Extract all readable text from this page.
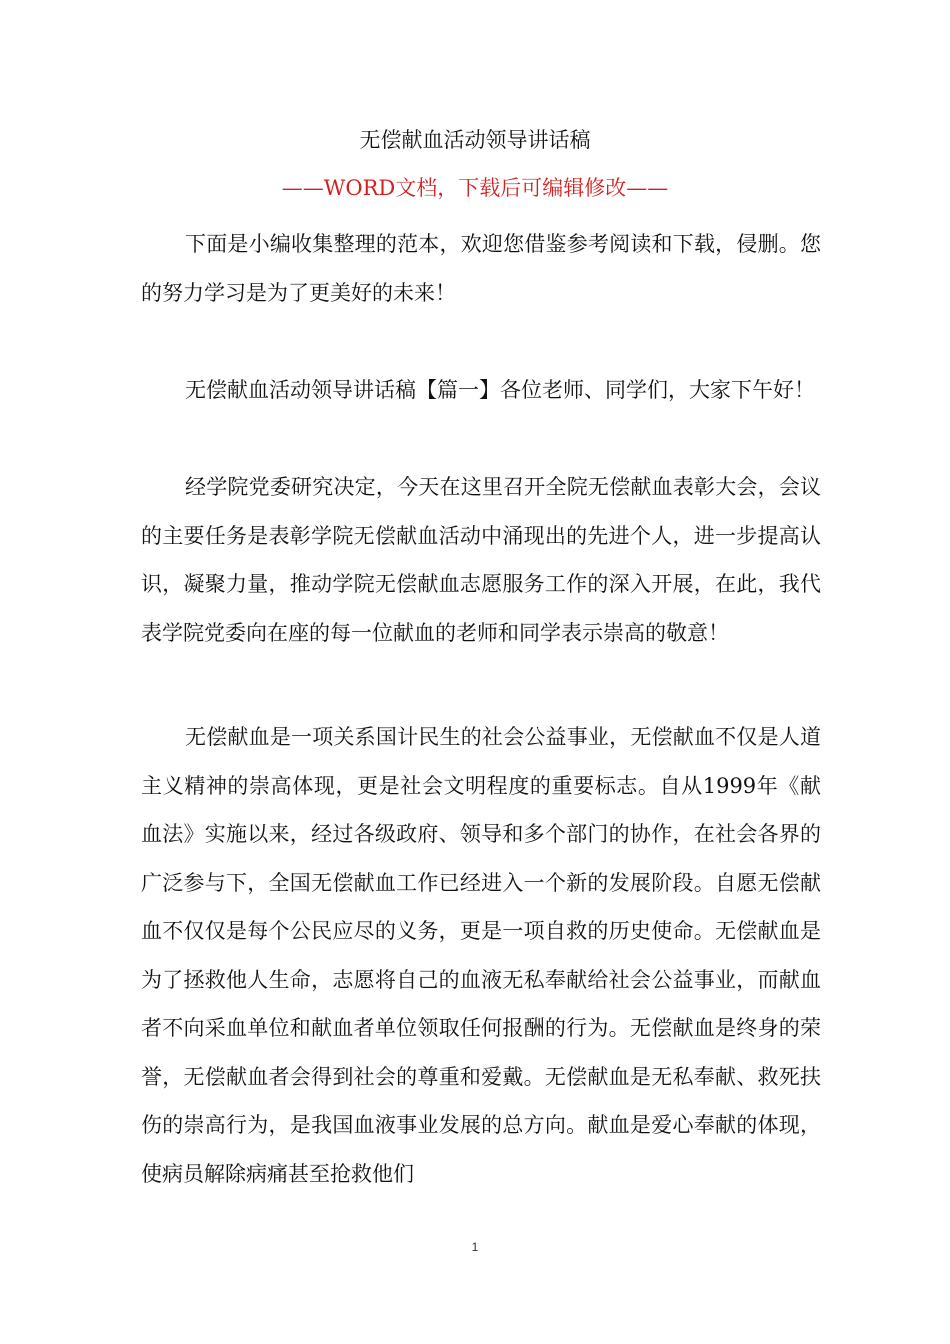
无偿献血活动领导讲话稿
——WORD文档，下载后可编辑修改——

下面是小编收集整理的范本，欢迎您借鉴参考阅读和下载，侵删。您的努力学习是为了更美好的未来！

无偿献血活动领导讲话稿【篇一】各位老师、同学们，大家下午好！

经学院党委研究决定，今天在这里召开全院无偿献血表彰大会，会议的主要任务是表彰学院无偿献血活动中涌现出的先进个人，进一步提高认识，凝聚力量，推动学院无偿献血志愿服务工作的深入开展，在此，我代表学院党委向在座的每一位献血的老师和同学表示崇高的敬意！

无偿献血是一项关系国计民生的社会公益事业，无偿献血不仅是人道主义精神的崇高体现，更是社会文明程度的重要标志。自从1999年《献血法》实施以来，经过各级政府、领导和多个部门的协作，在社会各界的广泛参与下，全国无偿献血工作已经进入一个新的发展阶段。自愿无偿献血不仅仅是每个公民应尽的义务，更是一项自救的历史使命。无偿献血是为了拯救他人生命，志愿将自己的血液无私奉献给社会公益事业，而献血者不向采血单位和献血者单位领取任何报酬的行为。无偿献血是终身的荣誉，无偿献血者会得到社会的尊重和爱戴。无偿献血是无私奉献、救死扶伤的崇高行为，是我国血液事业发展的总方向。献血是爱心奉献的体现，使病员解除病痛甚至抢救他们

1
